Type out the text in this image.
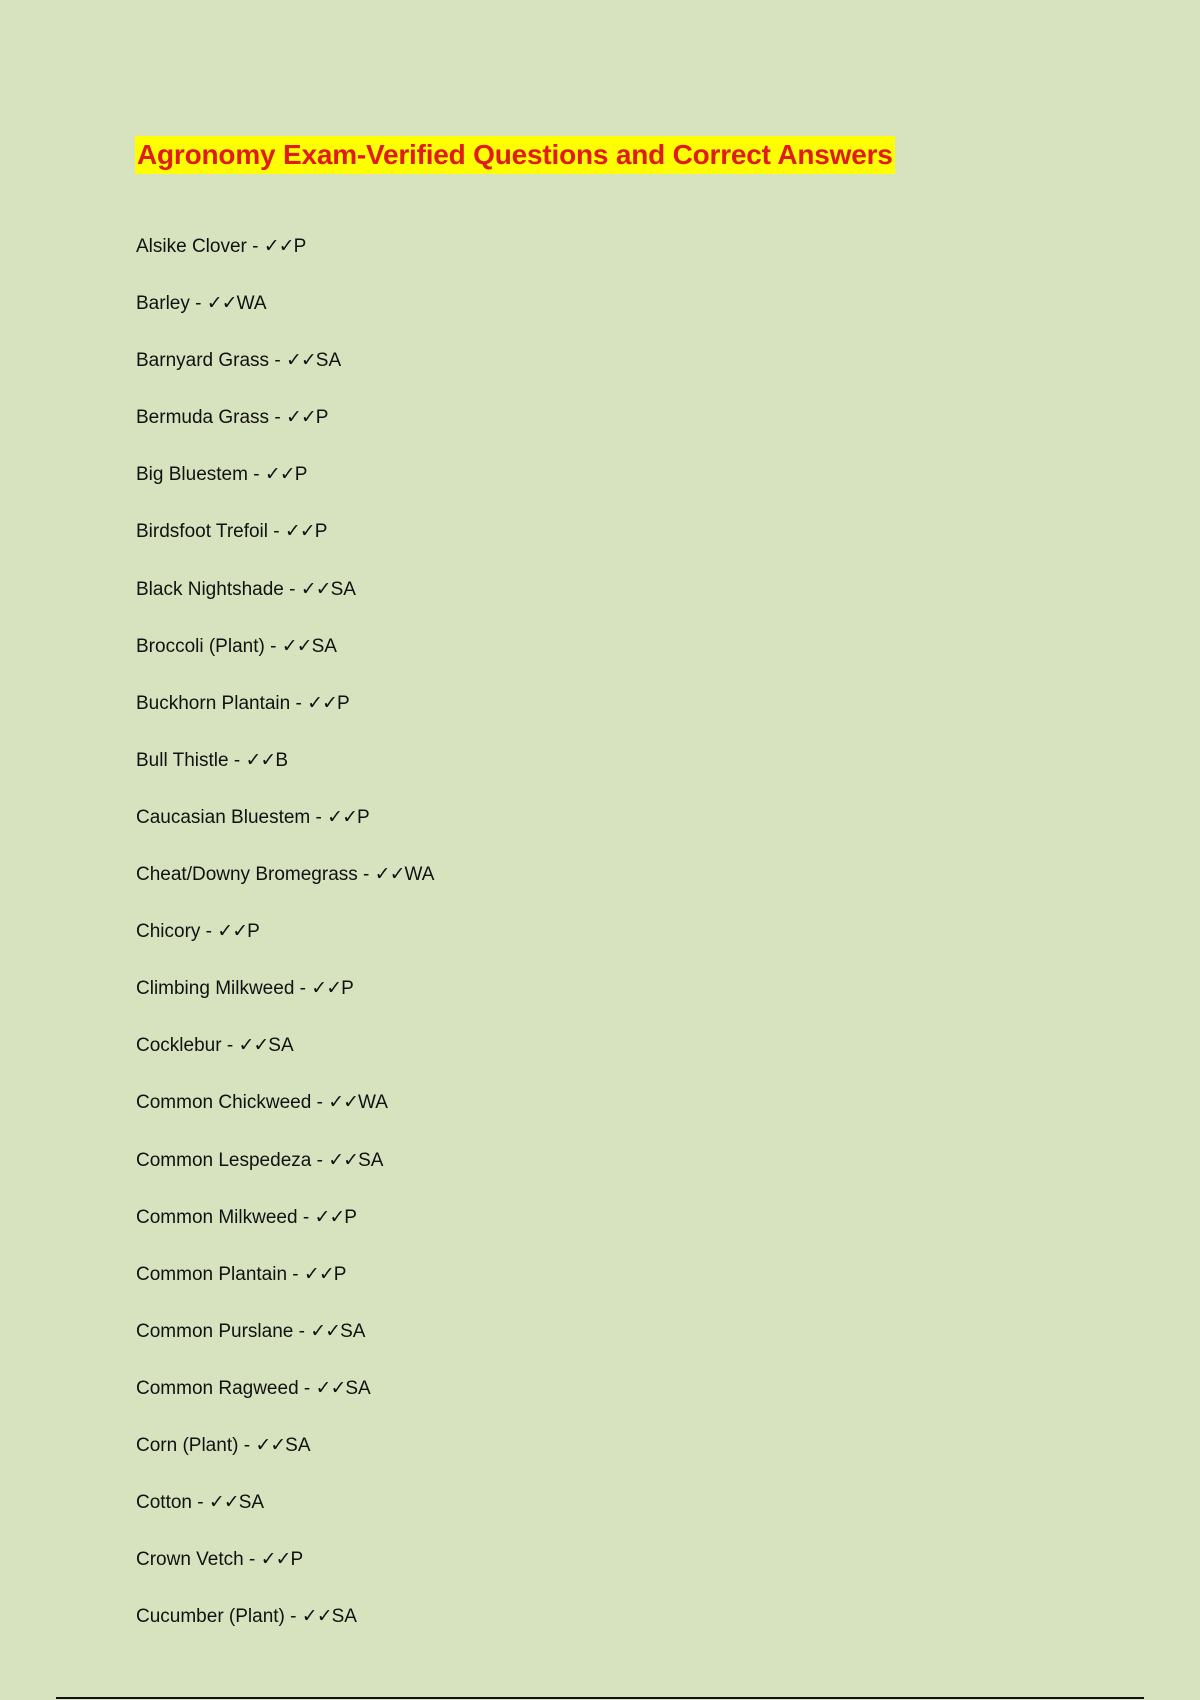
Agronomy Exam-Verified Questions and Correct Answers
Alsike Clover - ✓✓P
Barley - ✓✓WA
Barnyard Grass - ✓✓SA
Bermuda Grass - ✓✓P
Big Bluestem - ✓✓P
Birdsfoot Trefoil - ✓✓P
Black Nightshade - ✓✓SA
Broccoli (Plant) - ✓✓SA
Buckhorn Plantain - ✓✓P
Bull Thistle - ✓✓B
Caucasian Bluestem - ✓✓P
Cheat/Downy Bromegrass - ✓✓WA
Chicory - ✓✓P
Climbing Milkweed - ✓✓P
Cocklebur - ✓✓SA
Common Chickweed - ✓✓WA
Common Lespedeza - ✓✓SA
Common Milkweed - ✓✓P
Common Plantain - ✓✓P
Common Purslane - ✓✓SA
Common Ragweed - ✓✓SA
Corn (Plant) - ✓✓SA
Cotton - ✓✓SA
Crown Vetch - ✓✓P
Cucumber (Plant) - ✓✓SA
